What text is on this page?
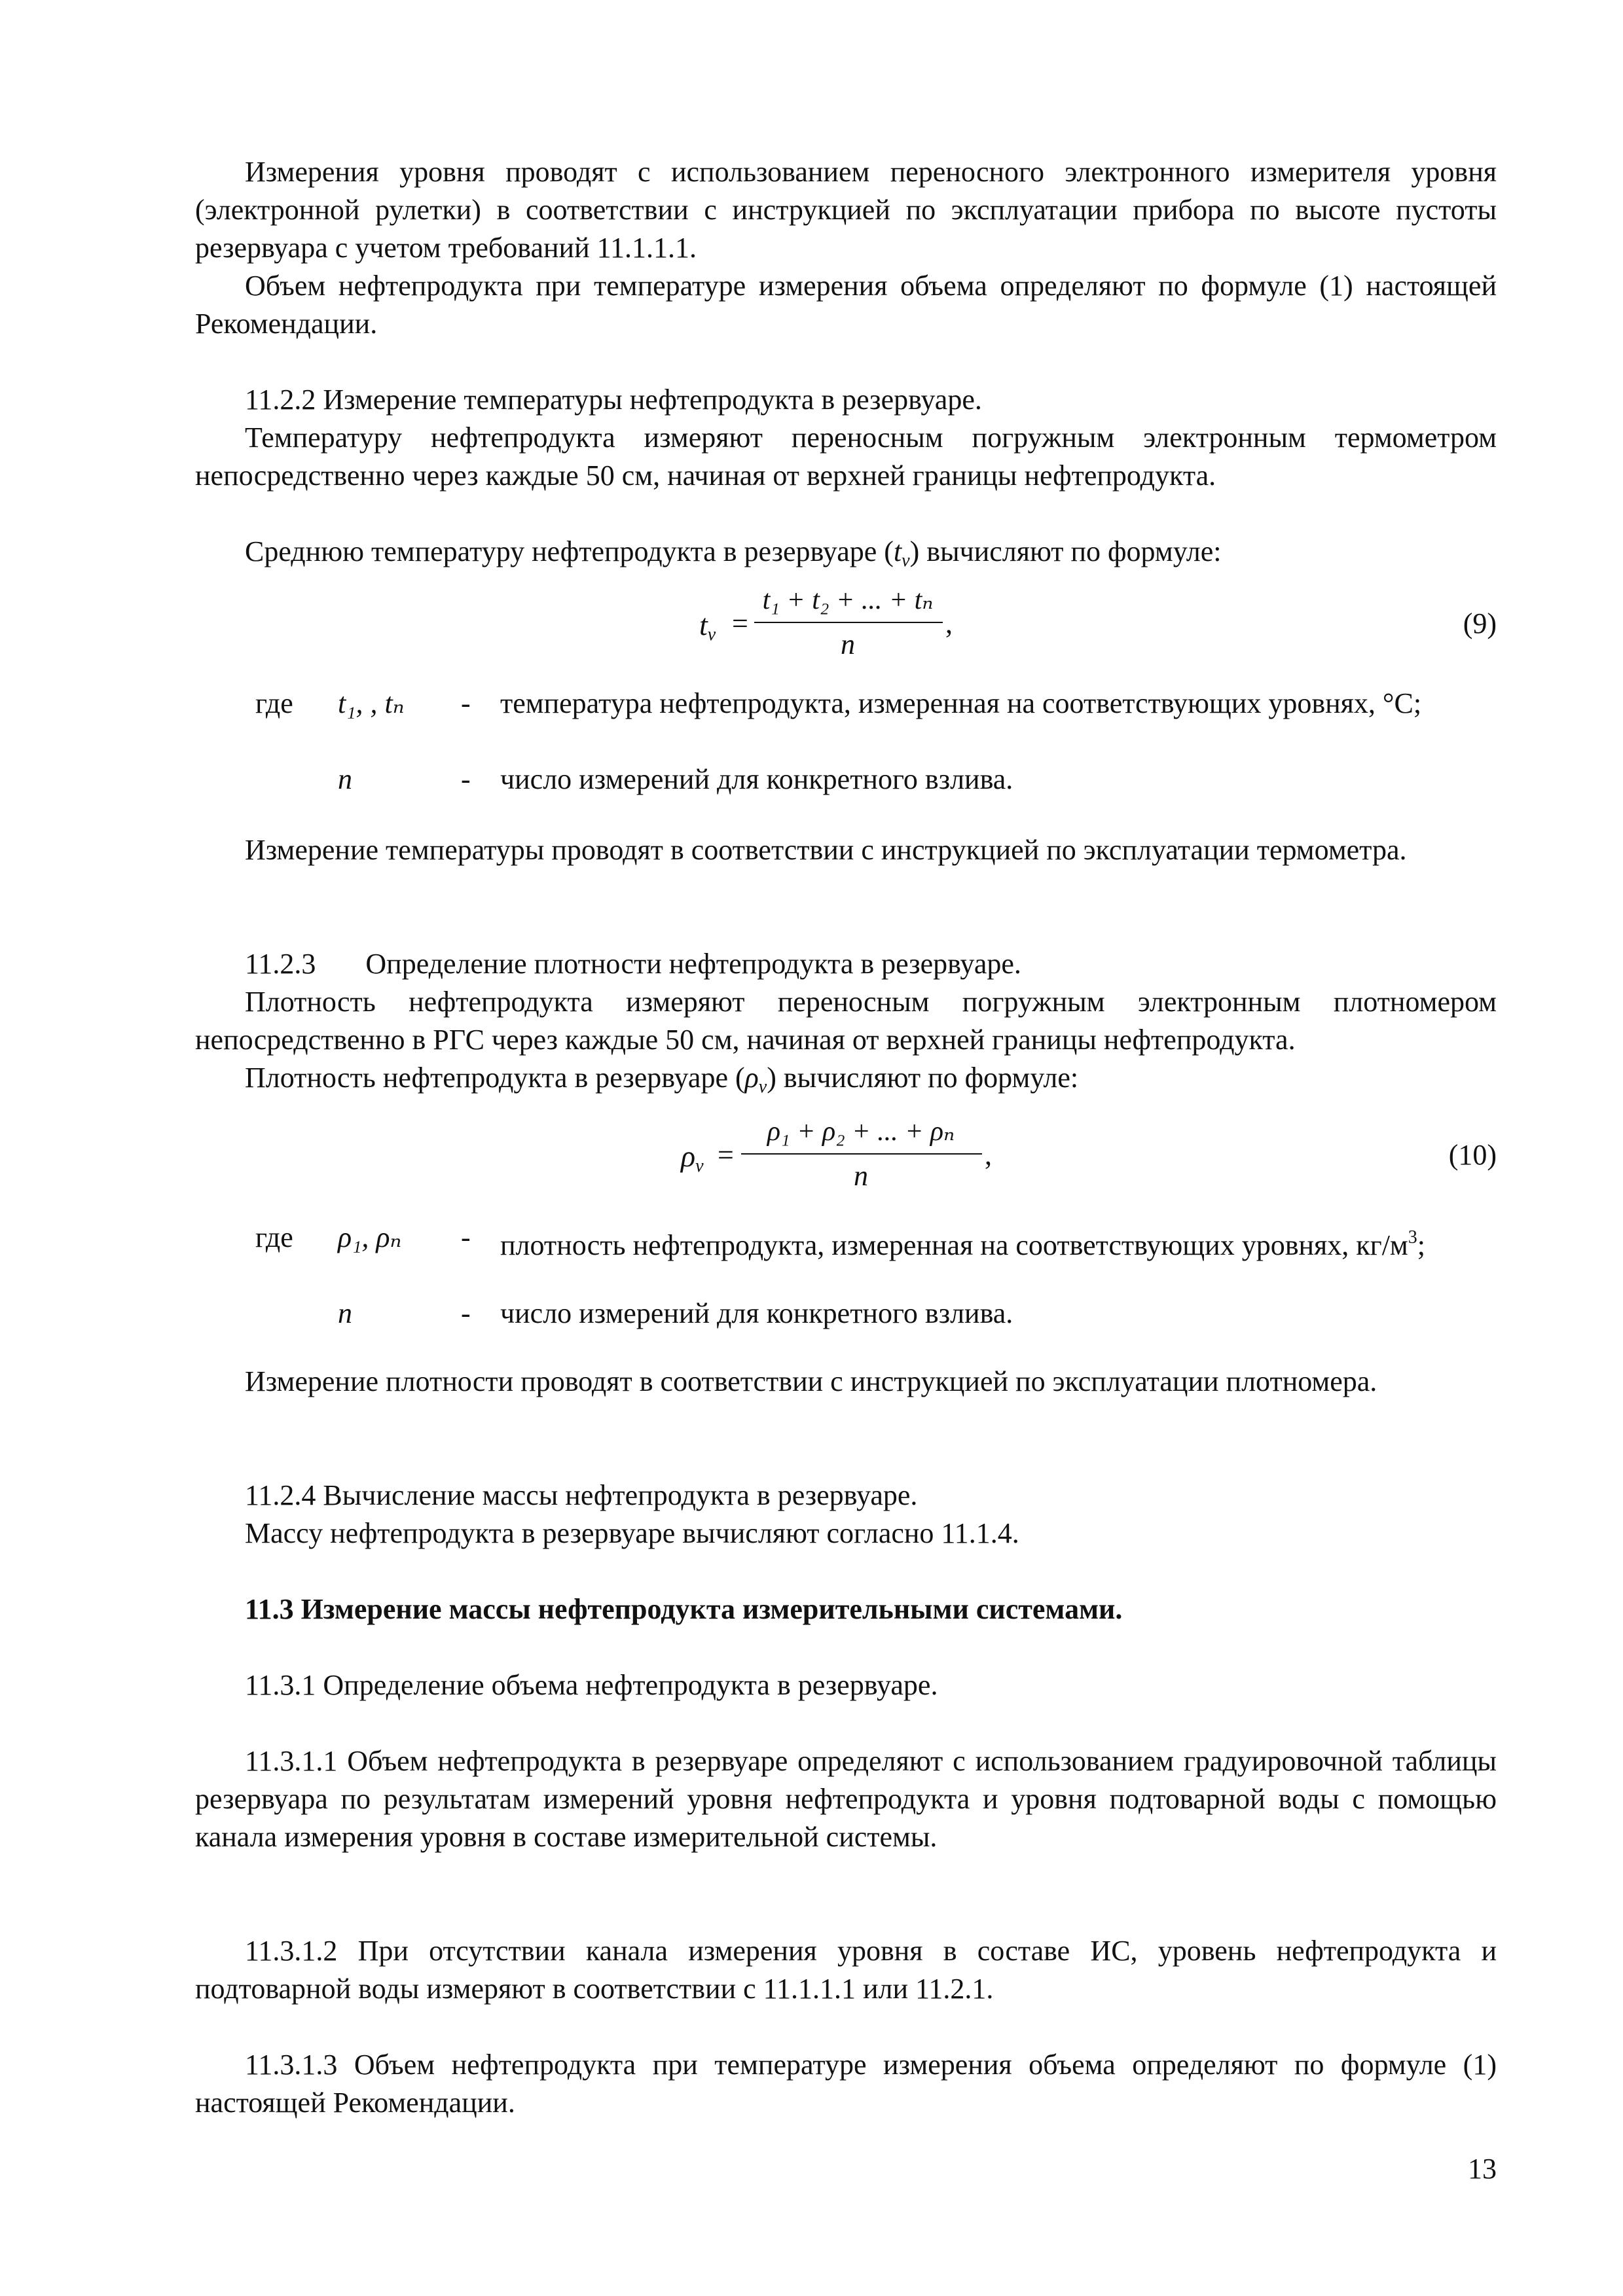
Измерения уровня проводят с использованием переносного электронного измерителя уровня (электронной рулетки) в соответствии с инструкцией по эксплуатации прибора по высоте пустоты резервуара с учетом требований 11.1.1.1.
Объем нефтепродукта при температуре измерения объема определяют по формуле (1) настоящей Рекомендации.
11.2.2 Измерение температуры нефтепродукта в резервуаре.
Температуру нефтепродукта измеряют переносным погружным электронным термометром непосредственно через каждые 50 см, начиная от верхней границы нефтепродукта.
Среднюю температуру нефтепродукта в резервуаре $(t_v)$ вычисляют по формуле:
$t_v$ =
t₁ + t₂ + ... + tₙ
n
,	(9)
где t₁, , tₙ - температура нефтепродукта, измеренная на соответствующих уровнях, °C;
n	- число измерений для конкретного взлива.
Измерение температуры проводят в соответствии с инструкцией по эксплуатации термометра.
11.2.3 Определение плотности нефтепродукта в резервуаре.
Плотность нефтепродукта измеряют переносным погружным электронным плотномером непосредственно в РГС через каждые 50 см, начиная от верхней границы нефтепродукта.
Плотность нефтепродукта в резервуаре $(\rho_v)$ вычисляют по формуле:
$\rho_v$ =
ρ₁ + ρ₂ + ... + ρₙ
n
,	(10)
где ρ₁, ρₙ - плотность нефтепродукта, измеренная на соответствующих уровнях, $кг/м^3$;
n	- число измерений для конкретного взлива.
Измерение плотности проводят в соответствии с инструкцией по эксплуатации плотномера.
11.2.4 Вычисление массы нефтепродукта в резервуаре.
Массу нефтепродукта в резервуаре вычисляют согласно 11.1.4.
11.3 Измерение массы нефтепродукта измерительными системами.
11.3.1 Определение объема нефтепродукта в резервуаре.
11.3.1.1 Объем нефтепродукта в резервуаре определяют с использованием градуировочной таблицы резервуара по результатам измерений уровня нефтепродукта и уровня подтоварной воды с помощью канала измерения уровня в составе измерительной системы.
11.3.1.2 При отсутствии канала измерения уровня в составе ИС, уровень нефтепродукта и подтоварной воды измеряют в соответствии с 11.1.1.1 или 11.2.1.
11.3.1.3 Объем нефтепродукта при температуре измерения объема определяют по формуле (1) настоящей Рекомендации.
13
